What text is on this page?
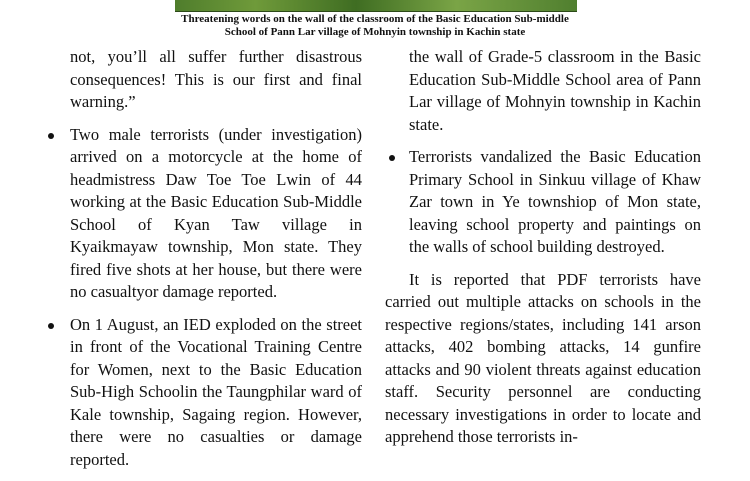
Threatening words on the wall of the classroom of the Basic Education Sub-middle
School of Pann Lar village of Mohnyin township in Kachin state

not, you’ll all suffer further disastrous consequences! This is our first and final warning.”

Two male terrorists (under investigation) arrived on a motorcycle at the home of headmistress Daw Toe Toe Lwin of 44 working at the Basic Education Sub-Middle School of Kyan Taw village in Kyaikmayaw township, Mon state. They fired five shots at her house, but there were no casualtyor damage reported.
On 1 August, an IED exploded on the street in front of the Vocational Training Centre for Women, next to the Basic Education Sub-High Schoolin the Taungphilar ward of Kale township, Sagaing region. However, there were no casualties or damage reported.

the wall of Grade-5 classroom in the Basic Education Sub-Middle School area of Pann Lar village of Mohnyin township in Kachin state.

Terrorists vandalized the Basic Education Primary School in Sinkuu village of Khaw Zar town in Ye townshiop of Mon state, leaving school property and paintings on the walls of school building destroyed.

It is reported that PDF terrorists have carried out multiple attacks on schools in the respective regions/states, including 141 arson attacks, 402 bombing attacks, 14 gunfire attacks and 90 violent threats against education staff. Security personnel are conducting necessary investigations in order to locate and apprehend those terrorists in-
